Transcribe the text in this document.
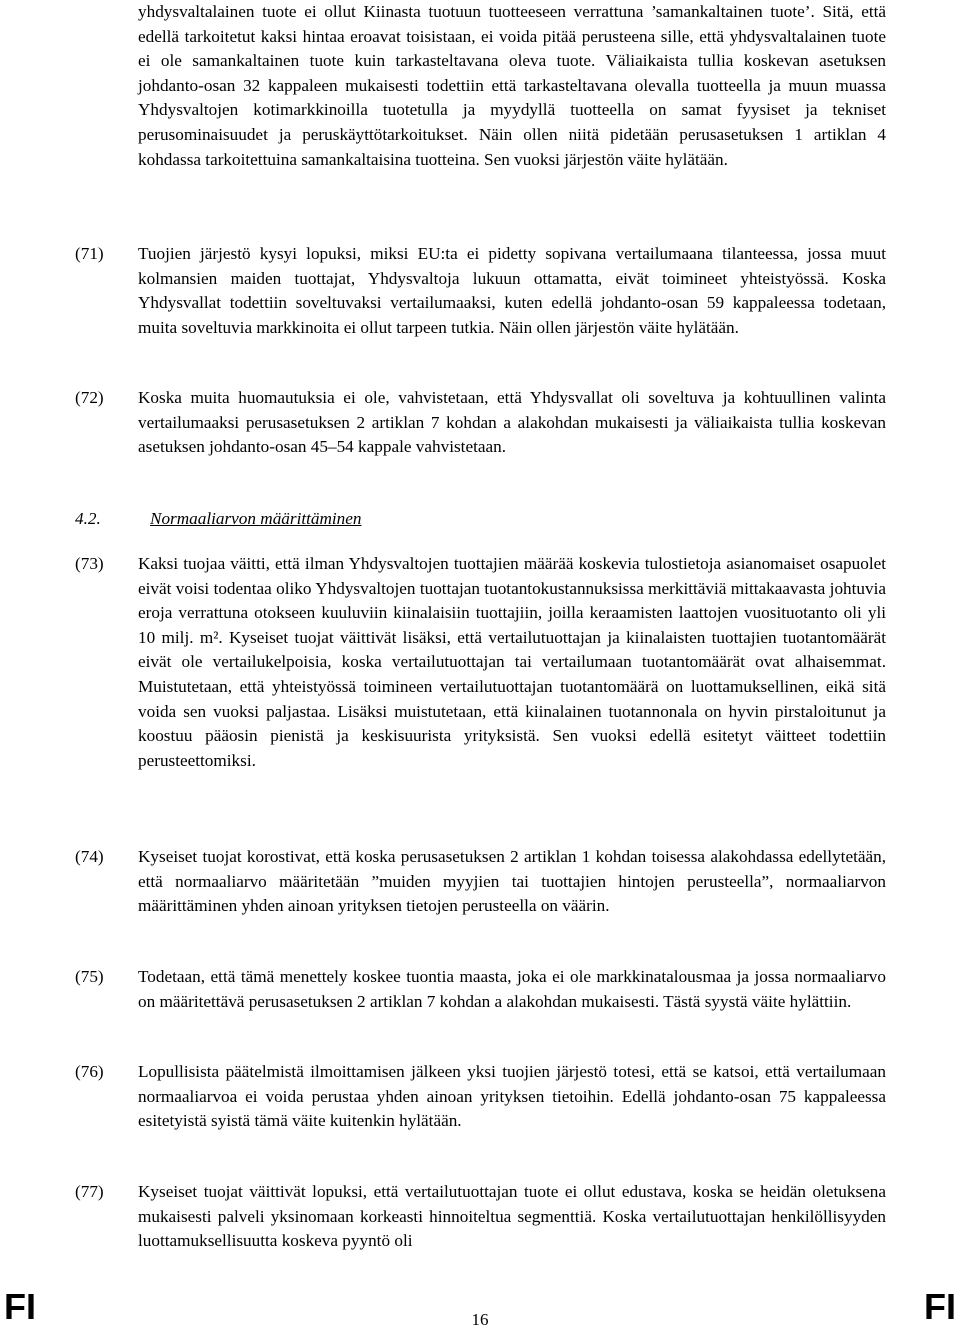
yhdysvaltalainen tuote ei ollut Kiinasta tuotuun tuotteeseen verrattuna ’samankaltainen tuote’. Sitä, että edellä tarkoitetut kaksi hintaa eroavat toisistaan, ei voida pitää perusteena sille, että yhdysvaltalainen tuote ei ole samankaltainen tuote kuin tarkasteltavana oleva tuote. Väliaikaista tullia koskevan asetuksen johdanto-osan 32 kappaleen mukaisesti todettiin että tarkasteltavana olevalla tuotteella ja muun muassa Yhdysvaltojen kotimarkkinoilla tuotetulla ja myydyllä tuotteella on samat fyysiset ja tekniset perusominaisuudet ja peruskäyttötarkoitukset. Näin ollen niitä pidetään perusasetuksen 1 artiklan 4 kohdassa tarkoitettuina samankaltaisina tuotteina. Sen vuoksi järjestön väite hylätään.

(71) Tuojien järjestö kysyi lopuksi, miksi EU:ta ei pidetty sopivana vertailumaana tilanteessa, jossa muut kolmansien maiden tuottajat, Yhdysvaltoja lukuun ottamatta, eivät toimineet yhteistyössä. Koska Yhdysvallat todettiin soveltuvaksi vertailumaaksi, kuten edellä johdanto-osan 59 kappaleessa todetaan, muita soveltuvia markkinoita ei ollut tarpeen tutkia. Näin ollen järjestön väite hylätään.

(72) Koska muita huomautuksia ei ole, vahvistetaan, että Yhdysvallat oli soveltuva ja kohtuullinen valinta vertailumaaksi perusasetuksen 2 artiklan 7 kohdan a alakohdan mukaisesti ja väliaikaista tullia koskevan asetuksen johdanto-osan 45–54 kappale vahvistetaan.

4.2.	Normaaliarvon määrittäminen
(73) Kaksi tuojaa väitti, että ilman Yhdysvaltojen tuottajien määrää koskevia tulostietoja asianomaiset osapuolet eivät voisi todentaa oliko Yhdysvaltojen tuottajan tuotantokustannuksissa merkittäviä mittakaavasta johtuvia eroja verrattuna otokseen kuuluviin kiinalaisiin tuottajiin, joilla keraamisten laattojen vuosituotanto oli yli 10 milj. m². Kyseiset tuojat väittivät lisäksi, että vertailutuottajan ja kiinalaisten tuottajien tuotantomäärät eivät ole vertailukelpoisia, koska vertailutuottajan tai vertailumaan tuotantomäärät ovat alhaisemmat. Muistutetaan, että yhteistyössä toimineen vertailutuottajan tuotantomäärä on luottamuksellinen, eikä sitä voida sen vuoksi paljastaa. Lisäksi muistutetaan, että kiinalainen tuotannonala on hyvin pirstaloitunut ja koostuu pääosin pienistä ja keskisuurista yrityksistä. Sen vuoksi edellä esitetyt väitteet todettiin perusteettomiksi.

(74) Kyseiset tuojat korostivat, että koska perusasetuksen 2 artiklan 1 kohdan toisessa alakohdassa edellytetään, että normaaliarvo määritetään ”muiden myyjien tai tuottajien hintojen perusteella”, normaaliarvon määrittäminen yhden ainoan yrityksen tietojen perusteella on väärin.

(75) Todetaan, että tämä menettely koskee tuontia maasta, joka ei ole markkinatalousmaa ja jossa normaaliarvo on määritettävä perusasetuksen 2 artiklan 7 kohdan a alakohdan mukaisesti. Tästä syystä väite hylättiin.

(76) Lopullisista päätelmistä ilmoittamisen jälkeen yksi tuojien järjestö totesi, että se katsoi, että vertailumaan normaaliarvoa ei voida perustaa yhden ainoan yrityksen tietoihin. Edellä johdanto-osan 75 kappaleessa esitetyistä syistä tämä väite kuitenkin hylätään.

(77) Kyseiset tuojat väittivät lopuksi, että vertailutuottajan tuote ei ollut edustava, koska se heidän oletuksena mukaisesti palveli yksinomaan korkeasti hinnoiteltua segmenttiä. Koska vertailutuottajan henkilöllisyyden luottamuksellisuutta koskeva pyyntö oli

FI	16	FI
